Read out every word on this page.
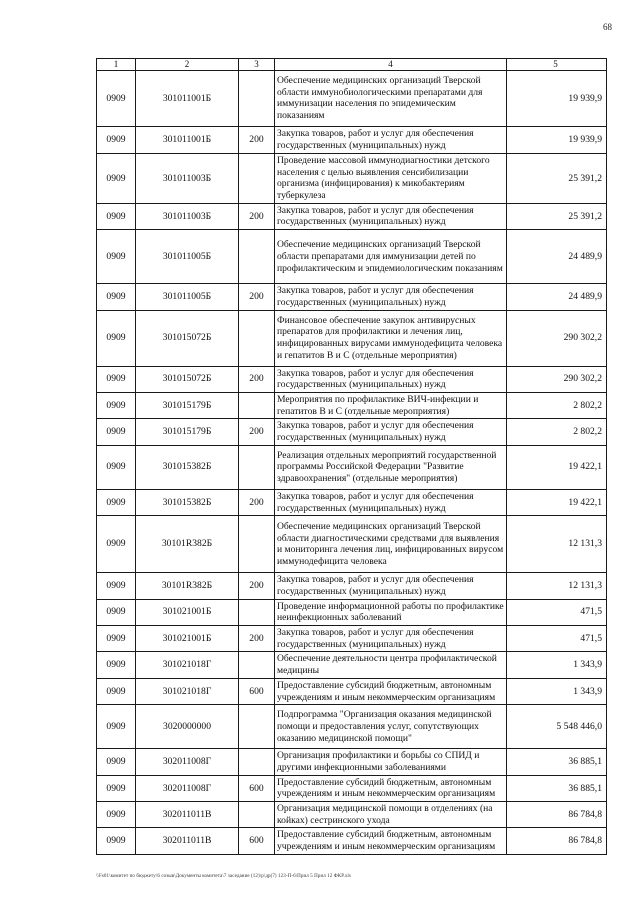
68
1	2	3	4	5
0909	301011001Б		Обеспечение медицинских организаций Тверской области иммунобиологическими препаратами для иммунизации населения по эпидемическим показаниям	19 939,9
0909	301011001Б	200	Закупка товаров, работ и услуг для обеспечения государственных (муниципальных) нужд	19 939,9
0909	301011003Б		Проведение массовой иммунодиагностики детского населения с целью выявления сенсибилизации организма (инфицирования) к микобактериям туберкулеза	25 391,2
0909	301011003Б	200	Закупка товаров, работ и услуг для обеспечения государственных (муниципальных) нужд	25 391,2
0909	301011005Б		Обеспечение медицинских организаций Тверской области препаратами для иммунизации детей по профилактическим и эпидемиологическим показаниям	24 489,9
0909	301011005Б	200	Закупка товаров, работ и услуг для обеспечения государственных (муниципальных) нужд	24 489,9
0909	301015072Б		Финансовое обеспечение закупок антивирусных препаратов для профилактики и лечения лиц, инфицированных вирусами иммунодефицита человека и гепатитов В и С (отдельные мероприятия)	290 302,2
0909	301015072Б	200	Закупка товаров, работ и услуг для обеспечения государственных (муниципальных) нужд	290 302,2
0909	301015179Б		Мероприятия по профилактике ВИЧ-инфекции и гепатитов В и С (отдельные мероприятия)	2 802,2
0909	301015179Б	200	Закупка товаров, работ и услуг для обеспечения государственных (муниципальных) нужд	2 802,2
0909	301015382Б		Реализация отдельных мероприятий государственной программы Российской Федерации "Развитие здравоохранения" (отдельные мероприятия)	19 422,1
0909	301015382Б	200	Закупка товаров, работ и услуг для обеспечения государственных (муниципальных) нужд	19 422,1
0909	30101R382Б		Обеспечение медицинских организаций Тверской области диагностическими средствами для выявления и мониторинга лечения лиц, инфицированных вирусом иммунодефицита человека	12 131,3
0909	30101R382Б	200	Закупка товаров, работ и услуг для обеспечения государственных (муниципальных) нужд	12 131,3
0909	301021001Б		Проведение информационной работы по профилактике неинфекционных заболеваний	471,5
0909	301021001Б	200	Закупка товаров, работ и услуг для обеспечения государственных (муниципальных) нужд	471,5
0909	301021018Г		Обеспечение деятельности центра профилактической медицины	1 343,9
0909	301021018Г	600	Предоставление субсидий бюджетным, автономным учреждениям и иным некоммерческим организациям	1 343,9
0909	3020000000		Подпрограмма "Организация оказания медицинской помощи и предоставления услуг, сопутствующих оказанию медицинской помощи"	5 548 446,0
0909	302011008Г		Организация профилактики и борьбы со СПИД и другими инфекционными заболеваниями	36 885,1
0909	302011008Г	600	Предоставление субсидий бюджетным, автономным учреждениям и иным некоммерческим организациям	36 885,1
0909	302011011В		Организация медицинской помощи в отделениях (на койках) сестринского ухода	86 784,8
0909	302011011В	600	Предоставление субсидий бюджетным, автономным учреждениям и иным некоммерческим организациям	86 784,8
\\Fs01\комитет по бюджету\6 созыв\Документы комитета\7 заседание (12)\р\др(7) 123-П-6\Прил 5 Прил 12 ФКР.xls
